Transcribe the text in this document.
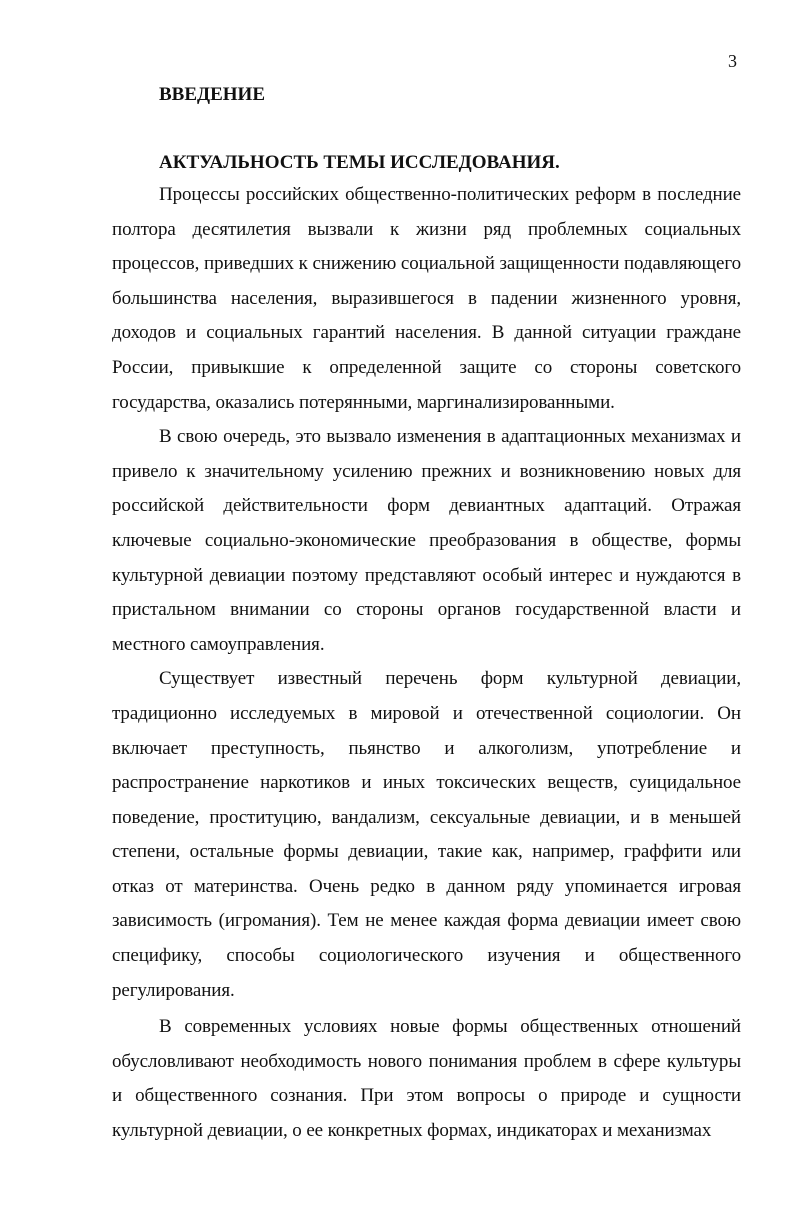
3
ВВЕДЕНИЕ
АКТУАЛЬНОСТЬ ТЕМЫ ИССЛЕДОВАНИЯ.

Процессы российских общественно-политических реформ в последние полтора десятилетия вызвали к жизни ряд проблемных социальных процессов, приведших к снижению социальной защищенности подавляющего большинства населения, выразившегося в падении жизненного уровня, доходов и социальных гарантий населения. В данной ситуации граждане России, привыкшие к определенной защите со стороны советского государства, оказались потерянными, маргинализированными.

В свою очередь, это вызвало изменения в адаптационных механизмах и привело к значительному усилению прежних и возникновению новых для российской действительности форм девиантных адаптаций. Отражая ключевые социально-экономические преобразования в обществе, формы культурной девиации поэтому представляют особый интерес и нуждаются в пристальном внимании со стороны органов государственной власти и местного самоуправления.

Существует известный перечень форм культурной девиации, традиционно исследуемых в мировой и отечественной социологии. Он включает преступность, пьянство и алкоголизм, употребление и распространение наркотиков и иных токсических веществ, суицидальное поведение, проституцию, вандализм, сексуальные девиации, и в меньшей степени, остальные формы девиации, такие как, например, граффити или отказ от материнства. Очень редко в данном ряду упоминается игровая зависимость (игромания). Тем не менее каждая форма девиации имеет свою специфику, способы социологического изучения и общественного регулирования.

В современных условиях новые формы общественных отношений обусловливают необходимость нового понимания проблем в сфере культуры и общественного сознания. При этом вопросы о природе и сущности культурной девиации, о ее конкретных формах, индикаторах и механизмах
